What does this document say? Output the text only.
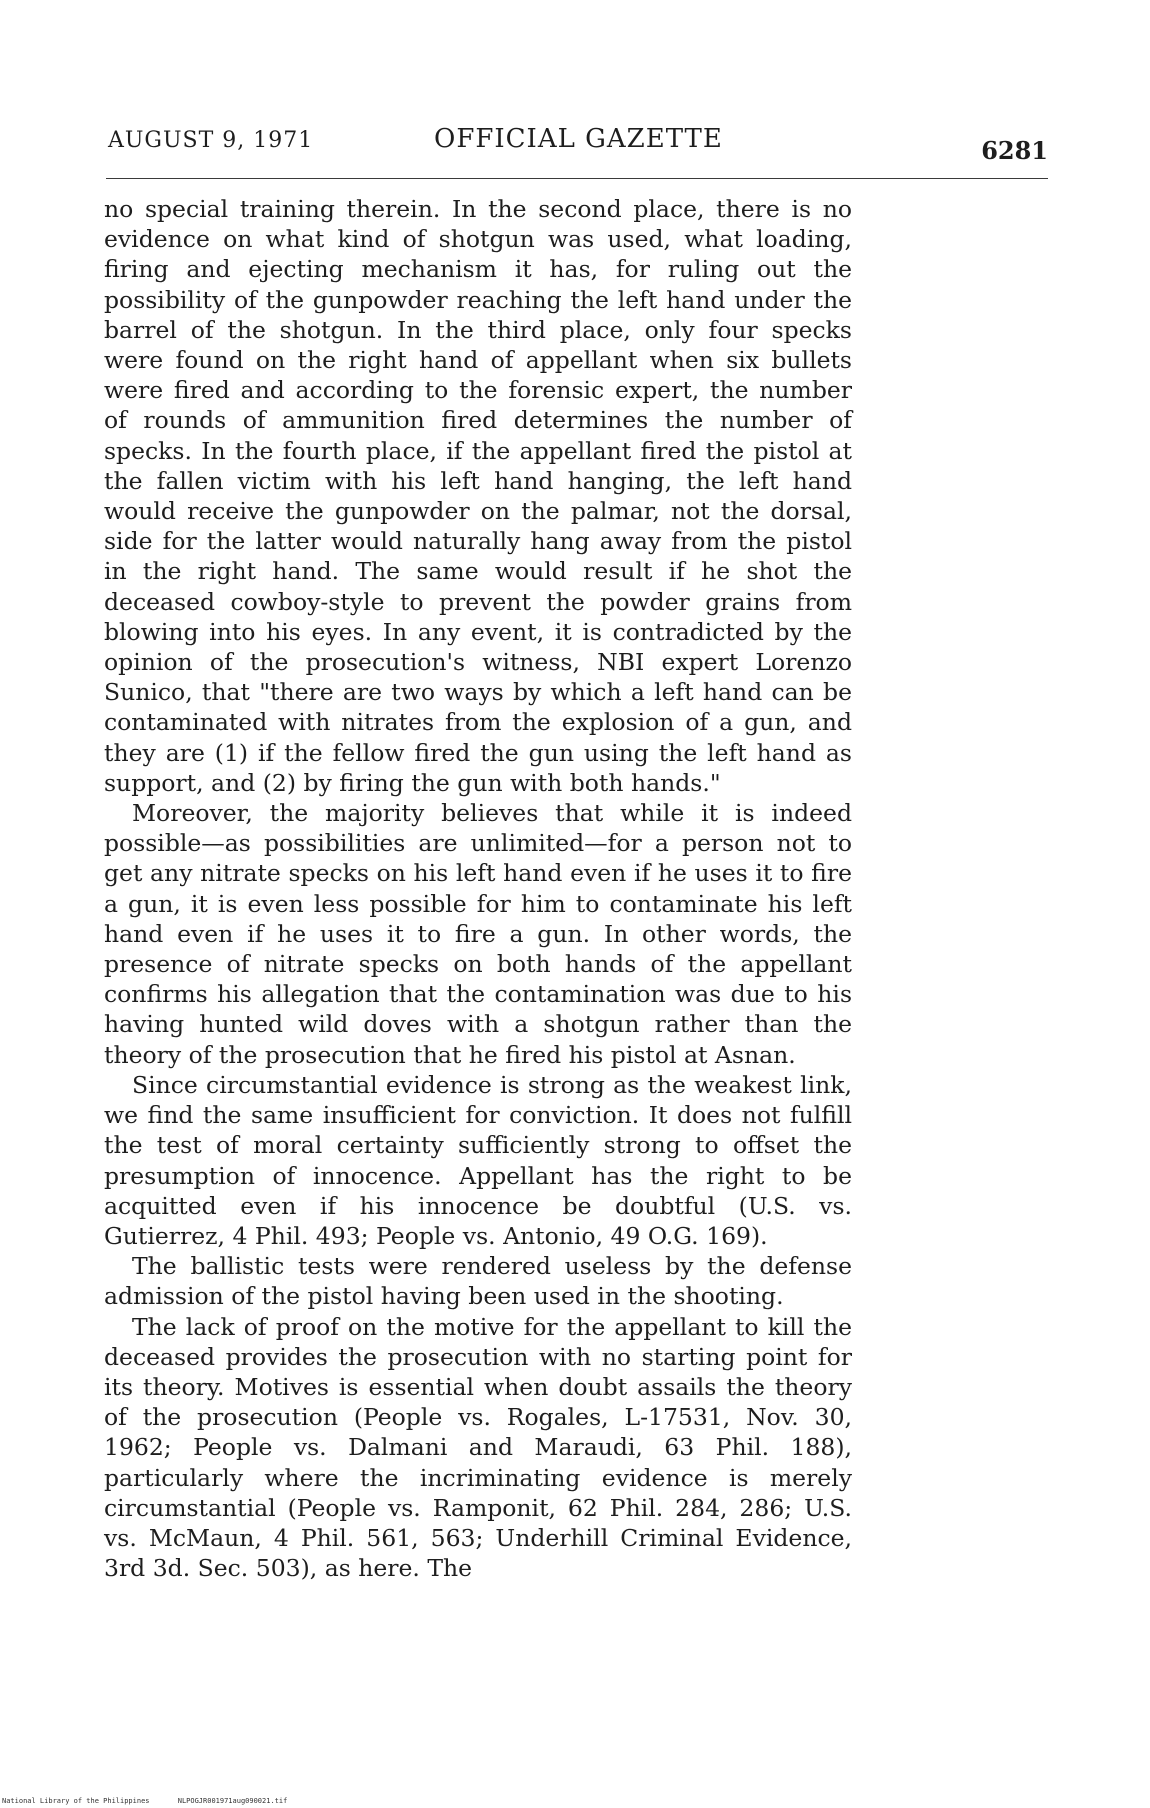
AUGUST 9, 1971	OFFICIAL GAZETTE	6281

no special training therein. In the second place, there is no evidence on what kind of shotgun was used, what loading, firing and ejecting mechanism it has, for ruling out the possibility of the gunpowder reaching the left hand under the barrel of the shotgun. In the third place, only four specks were found on the right hand of appellant when six bullets were fired and according to the forensic expert, the number of rounds of ammunition fired determines the number of specks. In the fourth place, if the appellant fired the pistol at the fallen victim with his left hand hanging, the left hand would receive the gunpowder on the palmar, not the dorsal, side for the latter would naturally hang away from the pistol in the right hand. The same would result if he shot the deceased cowboy-style to prevent the powder grains from blowing into his eyes. In any event, it is contradicted by the opinion of the prosecution's witness, NBI expert Lorenzo Sunico, that "there are two ways by which a left hand can be contaminated with nitrates from the explosion of a gun, and they are (1) if the fellow fired the gun using the left hand as support, and (2) by firing the gun with both hands."

Moreover, the majority believes that while it is indeed possible—as possibilities are unlimited—for a person not to get any nitrate specks on his left hand even if he uses it to fire a gun, it is even less possible for him to contaminate his left hand even if he uses it to fire a gun. In other words, the presence of nitrate specks on both hands of the appellant confirms his allegation that the contamination was due to his having hunted wild doves with a shotgun rather than the theory of the prosecution that he fired his pistol at Asnan.

Since circumstantial evidence is strong as the weakest link, we find the same insufficient for conviction. It does not fulfill the test of moral certainty sufficiently strong to offset the presumption of innocence. Appellant has the right to be acquitted even if his innocence be doubtful (U.S. vs. Gutierrez, 4 Phil. 493; People vs. Antonio, 49 O.G. 169).

The ballistic tests were rendered useless by the defense admission of the pistol having been used in the shooting.

The lack of proof on the motive for the appellant to kill the deceased provides the prosecution with no starting point for its theory. Motives is essential when doubt assails the theory of the prosecution (People vs. Rogales, L-17531, Nov. 30, 1962; People vs. Dalmani and Maraudi, 63 Phil. 188), particularly where the incriminating evidence is merely circumstantial (People vs. Ramponit, 62 Phil. 284, 286; U.S. vs. McMaun, 4 Phil. 561, 563; Underhill Criminal Evidence, 3rd 3d. Sec. 503), as here. The

National Library of the Philippines	NLPOGJR001971aug090021.tif
